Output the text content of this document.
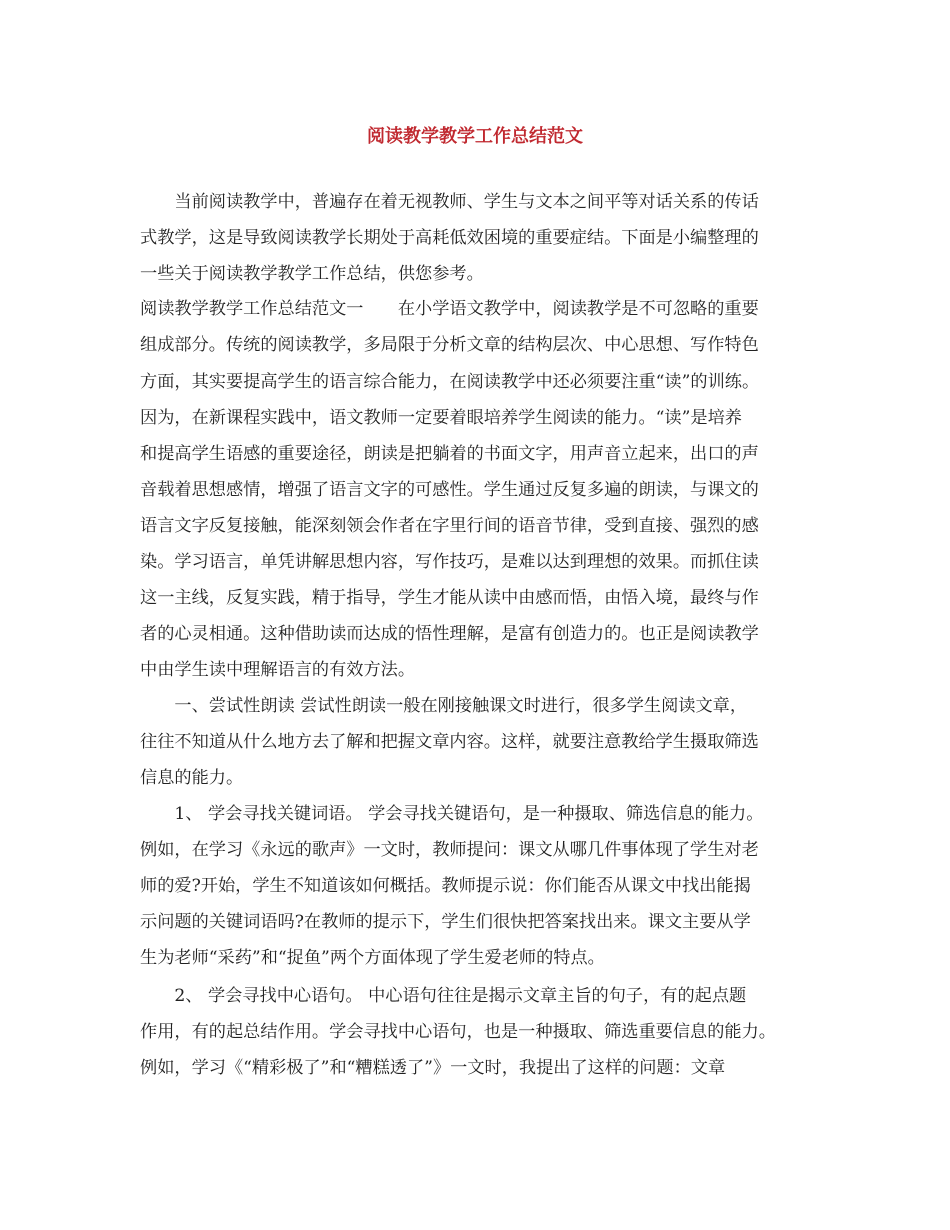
阅读教学教学工作总结范文
　　当前阅读教学中，普遍存在着无视教师、学生与文本之间平等对话关系的传话
式教学，这是导致阅读教学长期处于高耗低效困境的重要症结。下面是小编整理的
一些关于阅读教学教学工作总结，供您参考。
阅读教学教学工作总结范文一　　在小学语文教学中，阅读教学是不可忽略的重要
组成部分。传统的阅读教学，多局限于分析文章的结构层次、中心思想、写作特色
方面，其实要提高学生的语言综合能力，在阅读教学中还必须要注重“读”的训练。
因为，在新课程实践中，语文教师一定要着眼培养学生阅读的能力。“读”是培养
和提高学生语感的重要途径，朗读是把躺着的书面文字，用声音立起来，出口的声
音载着思想感情，增强了语言文字的可感性。学生通过反复多遍的朗读，与课文的
语言文字反复接触，能深刻领会作者在字里行间的语音节律，受到直接、强烈的感
染。学习语言，单凭讲解思想内容，写作技巧，是难以达到理想的效果。而抓住读
这一主线，反复实践，精于指导，学生才能从读中由感而悟，由悟入境，最终与作
者的心灵相通。这种借助读而达成的悟性理解，是富有创造力的。也正是阅读教学
中由学生读中理解语言的有效方法。
　　一、尝试性朗读 尝试性朗读一般在刚接触课文时进行，很多学生阅读文章，
往往不知道从什么地方去了解和把握文章内容。这样，就要注意教给学生摄取筛选
信息的能力。
　　1、 学会寻找关键词语。 学会寻找关键语句，是一种摄取、筛选信息的能力。
例如，在学习《永远的歌声》一文时，教师提问：课文从哪几件事体现了学生对老
师的爱?开始，学生不知道该如何概括。教师提示说：你们能否从课文中找出能揭
示问题的关键词语吗?在教师的提示下，学生们很快把答案找出来。课文主要从学
生为老师“采药”和“捉鱼”两个方面体现了学生爱老师的特点。
　　2、 学会寻找中心语句。 中心语句往往是揭示文章主旨的句子，有的起点题
作用，有的起总结作用。学会寻找中心语句，也是一种摄取、筛选重要信息的能力。
例如，学习《“精彩极了”和“糟糕透了”》一文时，我提出了这样的问题：文章
